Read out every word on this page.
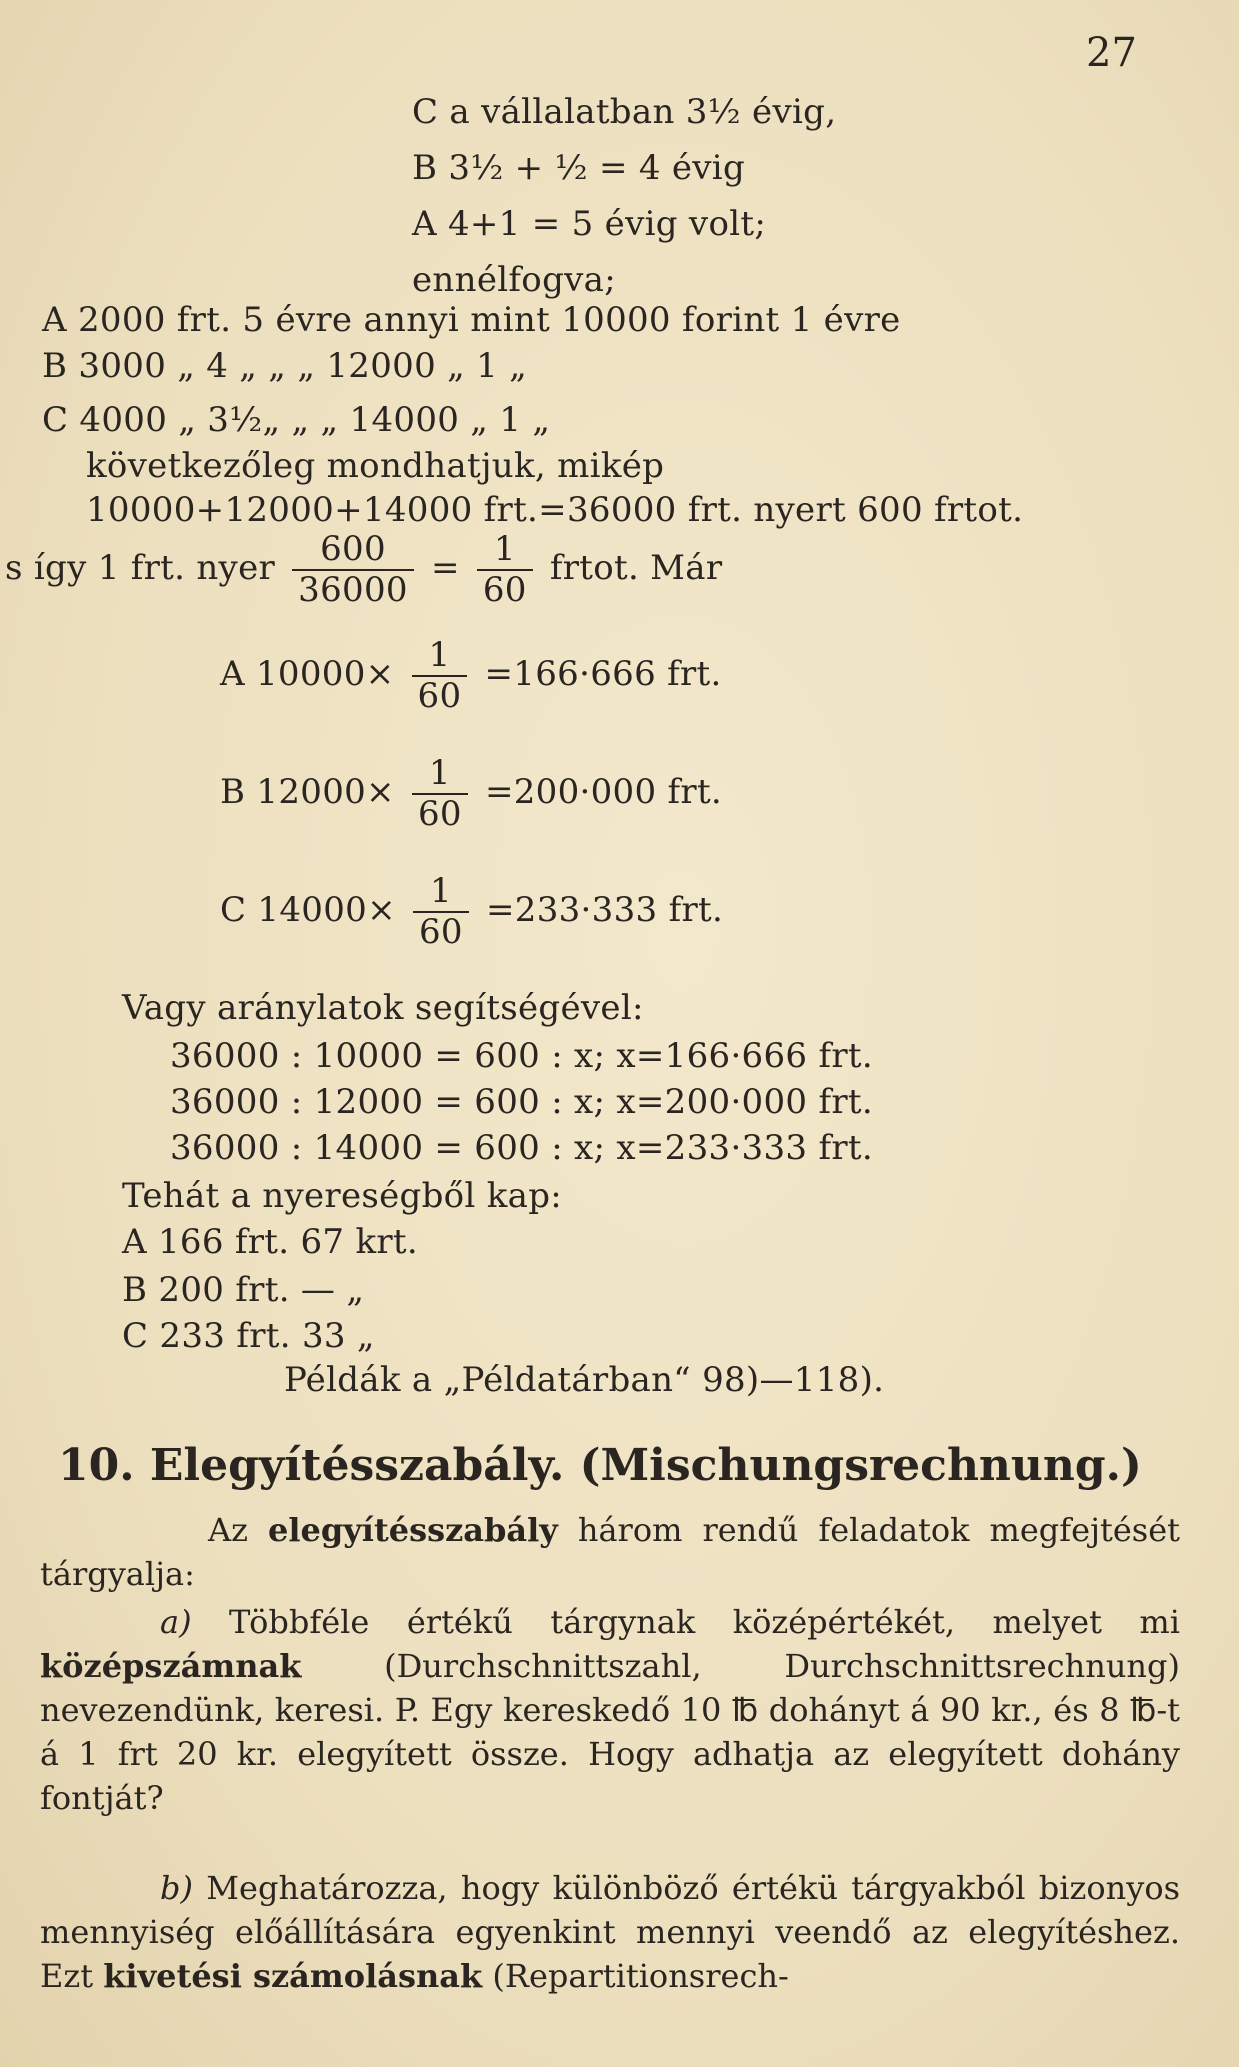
27
C a vállalatban 3½ évig,
B 3½ + ½ = 4 évig
A 4+1 = 5 évig volt;
ennélfogva;
A 2000 frt. 5 évre annyi mint 10000 forint 1 évre
B 3000 „ 4 „ „ „ 12000 „ 1 „
C 4000 „ 3½„ „ „ 14000 „ 1 „
következőleg mondhatjuk, mikép
10000+12000+14000 frt.=36000 frt. nyert 600 frtot.
s így 1 frt. nyer $\frac{600}{36000} = \frac{1}{60}$ frtot. Már
A $10000\times \frac{1}{60} =166\cdot 666$ frt.
B $12000\times \frac{1}{60} =200\cdot 000$ frt.
C $14000\times \frac{1}{60} =233\cdot 333$ frt.
Vagy aránylatok segítségével:
36000 : 10000 = 600 : x; x=166·666 frt.
36000 : 12000 = 600 : x; x=200·000 frt.
36000 : 14000 = 600 : x; x=233·333 frt.
Tehát a nyereségből kap:
A 166 frt. 67 krt.
B 200 frt. — „
C 233 frt. 33 „
Példák a „Példatárban“ 98)—118).
10. Elegyítésszabály. (Mischungsrechnung.)
Az elegyítésszabály három rendű feladatok megfejtését tárgyalja:
a) Többféle értékű tárgynak középértékét, melyet mi középszámnak (Durchschnittszahl, Durchschnittsrechnung) nevezendünk, keresi. P. Egy kereskedő 10 ℔ dohányt á 90 kr., és 8 ℔-t á 1 frt 20 kr. elegyített össze. Hogy adhatja az elegyített dohány fontját?
b) Meghatározza, hogy különböző értékü tárgyakból bizonyos mennyiség előállítására egyenkint mennyi veendő az elegyítéshez. Ezt kivetési számolásnak (Repartitionsrech-
